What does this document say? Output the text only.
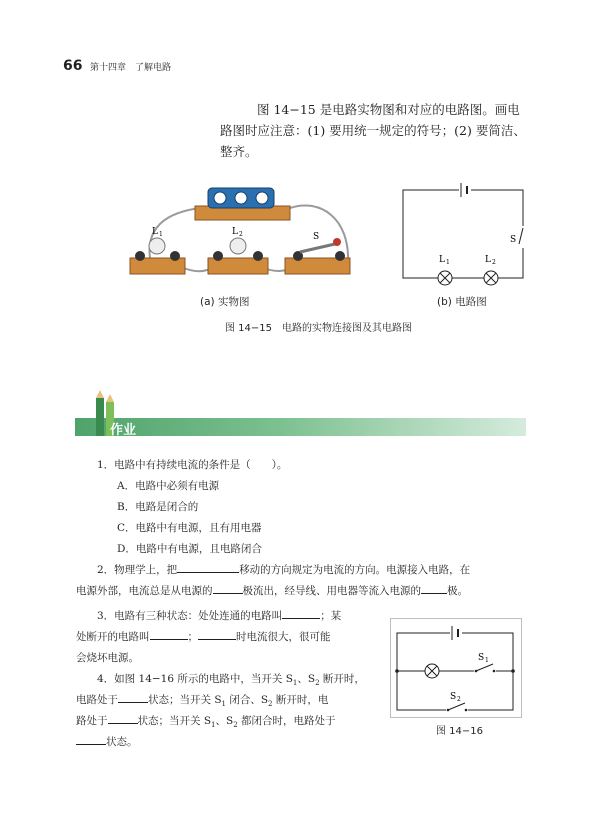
66 第十四章　了解电路
图 14−15 是电路实物图和对应的电路图。画电路图时应注意：(1) 要用统一规定的符号；(2) 要简洁、整齐。
L 1	L 2	S
(a) 实物图
S
L 1	L 2
(b) 电路图
图 14−15　电路的实物连接图及其电路图
作业
1．电路中有持续电流的条件是（　　）。
A．电路中必须有电源
B．电路是闭合的
C．电路中有电源，且有用电器
D．电路中有电源，且电路闭合
2．物理学上，把	移动的方向规定为电流的方向。电源接入电路，在
电源外部，电流总是从电源的	极流出，经导线、用电器等流入电源的 极。
3．电路有三种状态：处处连通的电路叫	；某
处断开的电路叫	；	时电流很大，很可能
会烧坏电源。
4．如图 14−16 所示的电路中，当开关 $S_1$、$S_2$ 断开时，
电路处于	状态；当开关 $S_1$ 闭合、$S_2$ 断开时，电
路处于	状态；当开关 $S_1$、$S_2$ 都闭合时，电路处于
状态。
S 1
S 2
图 14−16
